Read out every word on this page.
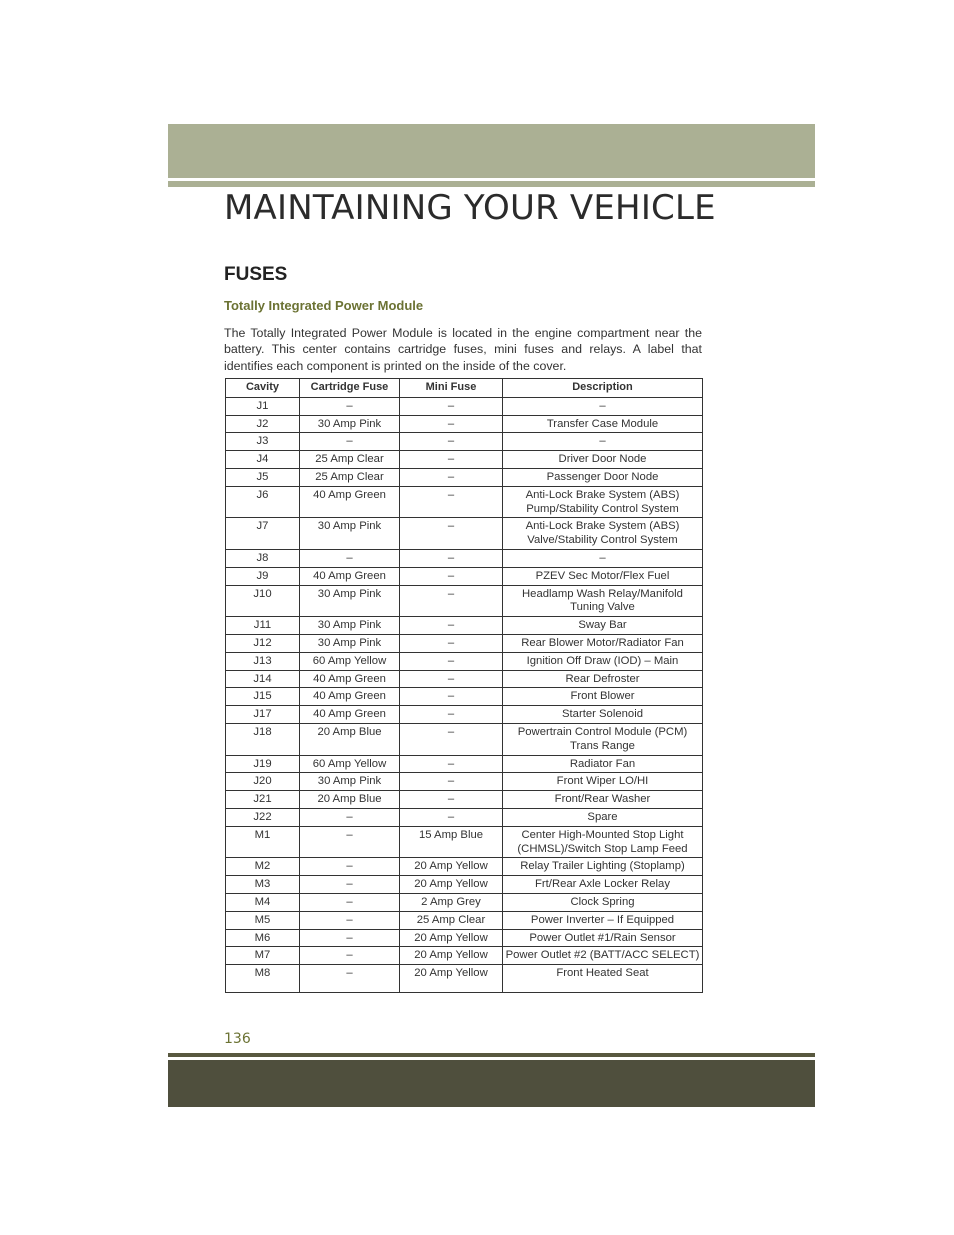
MAINTAINING YOUR VEHICLE
FUSES
Totally Integrated Power Module

The Totally Integrated Power Module is located in the engine compartment near the battery. This center contains cartridge fuses, mini fuses and relays. A label that identifies each component is printed on the inside of the cover.

Cavity	Cartridge Fuse	Mini Fuse	Description
J1	–	–	–
J2	30 Amp Pink	–	Transfer Case Module
J3	–	–	–
J4	25 Amp Clear	–	Driver Door Node
J5	25 Amp Clear	–	Passenger Door Node
J6	40 Amp Green	–	Anti-Lock Brake System (ABS) Pump/Stability Control System
J7	30 Amp Pink	–	Anti-Lock Brake System (ABS) Valve/Stability Control System
J8	–	–	–
J9	40 Amp Green	–	PZEV Sec Motor/Flex Fuel
J10	30 Amp Pink	–	Headlamp Wash Relay/Manifold Tuning Valve
J11	30 Amp Pink	–	Sway Bar
J12	30 Amp Pink	–	Rear Blower Motor/Radiator Fan
J13	60 Amp Yellow	–	Ignition Off Draw (IOD) – Main
J14	40 Amp Green	–	Rear Defroster
J15	40 Amp Green	–	Front Blower
J17	40 Amp Green	–	Starter Solenoid
J18	20 Amp Blue	–	Powertrain Control Module (PCM) Trans Range
J19	60 Amp Yellow	–	Radiator Fan
J20	30 Amp Pink	–	Front Wiper LO/HI
J21	20 Amp Blue	–	Front/Rear Washer
J22	–	–	Spare
M1	–	15 Amp Blue	Center High-Mounted Stop Light (CHMSL)/Switch Stop Lamp Feed
M2	–	20 Amp Yellow	Relay Trailer Lighting (Stoplamp)
M3	–	20 Amp Yellow	Frt/Rear Axle Locker Relay
M4	–	2 Amp Grey	Clock Spring
M5	–	25 Amp Clear	Power Inverter – If Equipped
M6	–	20 Amp Yellow	Power Outlet #1/Rain Sensor
M7	–	20 Amp Yellow	Power Outlet #2 (BATT/ACC SELECT)
M8	–	20 Amp Yellow	Front Heated Seat

136
